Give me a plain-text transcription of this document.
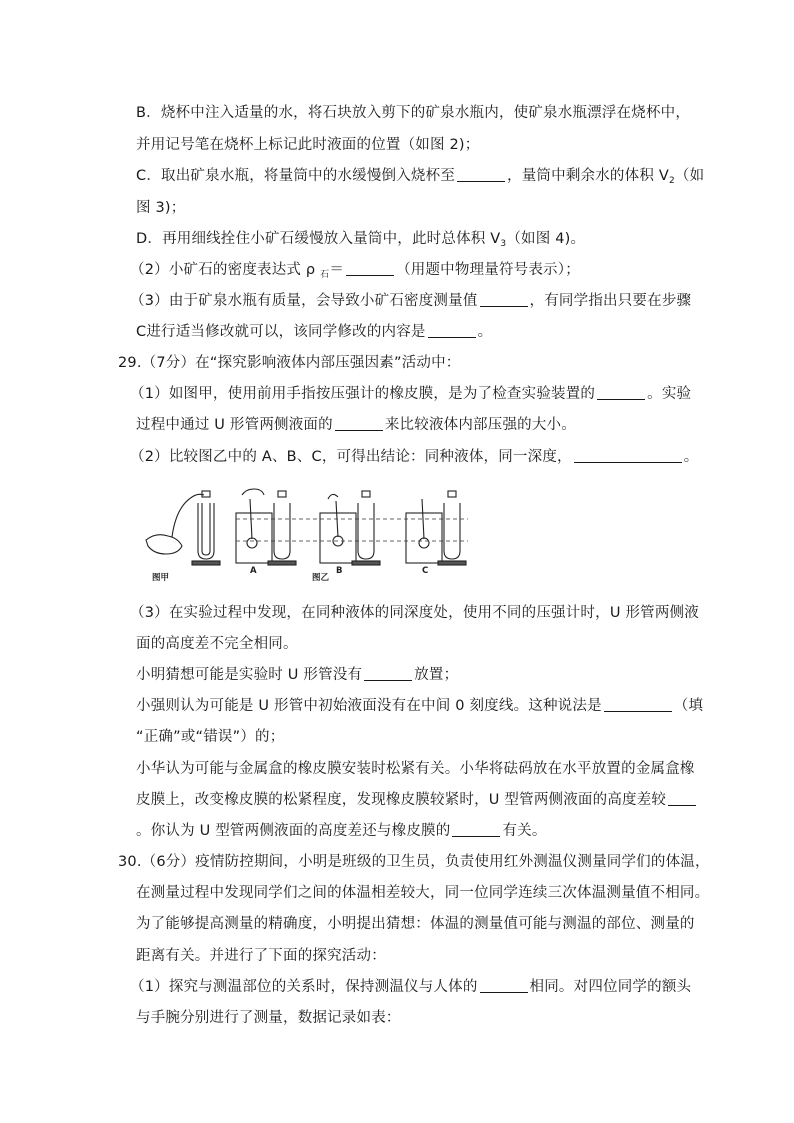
B．烧杯中注入适量的水，将石块放入剪下的矿泉水瓶内，使矿泉水瓶漂浮在烧杯中，
并用记号笔在烧杯上标记此时液面的位置（如图 2)；
C．取出矿泉水瓶，将量筒中的水缓慢倒入烧杯至	，量筒中剩余水的体积 $V_2$（如
图 3)；
D．再用细线拴住小矿石缓慢放入量筒中，此时总体积 $V_3$（如图 4)。
（2）小矿石的密度表达式 ρ $_石$＝	（用题中物理量符号表示）；
（3）由于矿泉水瓶有质量，会导致小矿石密度测量值	，有同学指出只要在步骤
C进行适当修改就可以，该同学修改的内容是	。
29.（7分）在“探究影响液体内部压强因素”活动中：
（1）如图甲，使用前用手指按压强计的橡皮膜，是为了检查实验装置的	。实验
过程中通过 U 形管两侧液面的	来比较液体内部压强的大小。
（2）比较图乙中的 A、B、C，可得出结论：同种液体，同一深度，	。
图甲
A
图乙
B	C
（3）在实验过程中发现，在同种液体的同深度处，使用不同的压强计时，U 形管两侧液
面的高度差不完全相同。
小明猜想可能是实验时 U 形管没有	放置；
小强则认为可能是 U 形管中初始液面没有在中间 0 刻度线。这种说法是	（填
“正确”或“错误”）的；
小华认为可能与金属盒的橡皮膜安装时松紧有关。小华将砝码放在水平放置的金属盒橡
皮膜上，改变橡皮膜的松紧程度，发现橡皮膜较紧时，U 型管两侧液面的高度差较
。你认为 U 型管两侧液面的高度差还与橡皮膜的	有关。
30.（6分）疫情防控期间，小明是班级的卫生员，负责使用红外测温仪测量同学们的体温，
在测量过程中发现同学们之间的体温相差较大，同一位同学连续三次体温测量值不相同。
为了能够提高测量的精确度，小明提出猜想：体温的测量值可能与测温的部位、测量的
距离有关。并进行了下面的探究活动：
（1）探究与测温部位的关系时，保持测温仪与人体的	相同。对四位同学的额头
与手腕分别进行了测量，数据记录如表：
